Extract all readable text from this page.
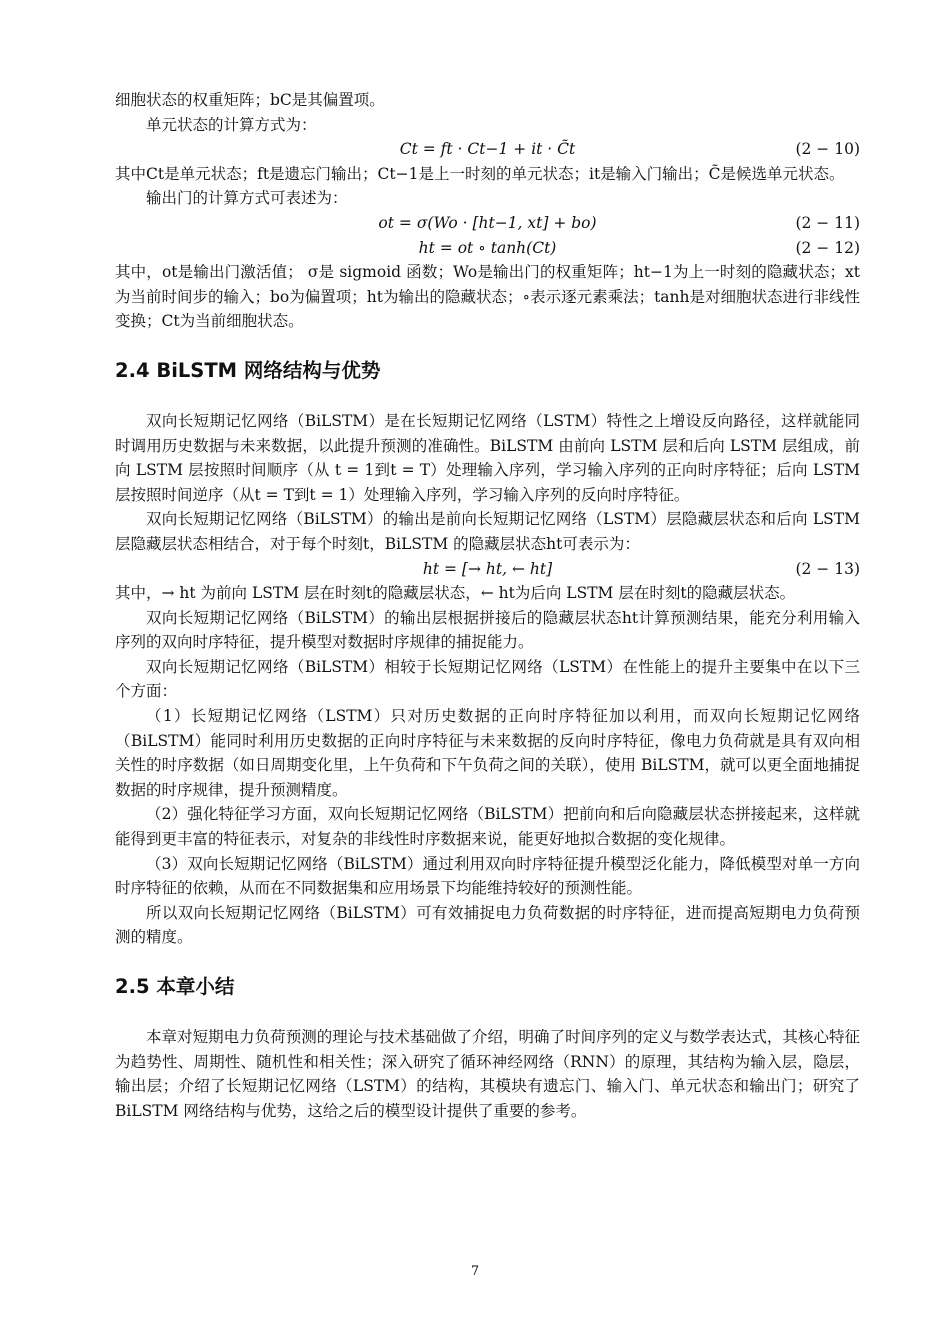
细胞状态的权重矩阵；bC是其偏置项。

单元状态的计算方式为：

Ct = ft · Ct−1 + it · C̃t	(2 − 10)

其中Ct是单元状态；ft是遗忘门输出；Ct−1是上一时刻的单元状态；it是输入门输出；C̃是候选单元状态。

输出门的计算方式可表述为：

ot = σ(Wo · [ht−1, xt] + bo)	(2 − 11)
ht = ot ∘ tanh(Ct)	(2 − 12)

其中，ot是输出门激活值； σ是 sigmoid 函数；Wo是输出门的权重矩阵；ht−1为上一时刻的隐藏状态；xt为当前时间步的输入；bo为偏置项；ht为输出的隐藏状态；∘表示逐元素乘法；tanh是对细胞状态进行非线性变换；Ct为当前细胞状态。

2.4 BiLSTM 网络结构与优势

双向长短期记忆网络（BiLSTM）是在长短期记忆网络（LSTM）特性之上增设反向路径，这样就能同时调用历史数据与未来数据，以此提升预测的准确性。BiLSTM 由前向 LSTM 层和后向 LSTM 层组成，前向 LSTM 层按照时间顺序（从 t = 1到t = T）处理输入序列，学习输入序列的正向时序特征；后向 LSTM 层按照时间逆序（从t = T到t = 1）处理输入序列，学习输入序列的反向时序特征。

双向长短期记忆网络（BiLSTM）的输出是前向长短期记忆网络（LSTM）层隐藏层状态和后向 LSTM 层隐藏层状态相结合，对于每个时刻t，BiLSTM 的隐藏层状态ht可表示为：

ht = [→ ht, ← ht]	(2 − 13)

其中，→ ht 为前向 LSTM 层在时刻t的隐藏层状态，← ht为后向 LSTM 层在时刻t的隐藏层状态。

双向长短期记忆网络（BiLSTM）的输出层根据拼接后的隐藏层状态ht计算预测结果，能充分利用输入序列的双向时序特征，提升模型对数据时序规律的捕捉能力。

双向长短期记忆网络（BiLSTM）相较于长短期记忆网络（LSTM）在性能上的提升主要集中在以下三个方面：

（1）长短期记忆网络（LSTM）只对历史数据的正向时序特征加以利用，而双向长短期记忆网络（BiLSTM）能同时利用历史数据的正向时序特征与未来数据的反向时序特征，像电力负荷就是具有双向相关性的时序数据（如日周期变化里，上午负荷和下午负荷之间的关联），使用 BiLSTM，就可以更全面地捕捉数据的时序规律，提升预测精度。

（2）强化特征学习方面，双向长短期记忆网络（BiLSTM）把前向和后向隐藏层状态拼接起来，这样就能得到更丰富的特征表示，对复杂的非线性时序数据来说，能更好地拟合数据的变化规律。

（3）双向长短期记忆网络（BiLSTM）通过利用双向时序特征提升模型泛化能力，降低模型对单一方向时序特征的依赖，从而在不同数据集和应用场景下均能维持较好的预测性能。

所以双向长短期记忆网络（BiLSTM）可有效捕捉电力负荷数据的时序特征，进而提高短期电力负荷预测的精度。

2.5 本章小结

本章对短期电力负荷预测的理论与技术基础做了介绍，明确了时间序列的定义与数学表达式，其核心特征为趋势性、周期性、随机性和相关性；深入研究了循环神经网络（RNN）的原理，其结构为输入层，隐层，输出层；介绍了长短期记忆网络（LSTM）的结构，其模块有遗忘门、输入门、单元状态和输出门；研究了 BiLSTM 网络结构与优势，这给之后的模型设计提供了重要的参考。

7
